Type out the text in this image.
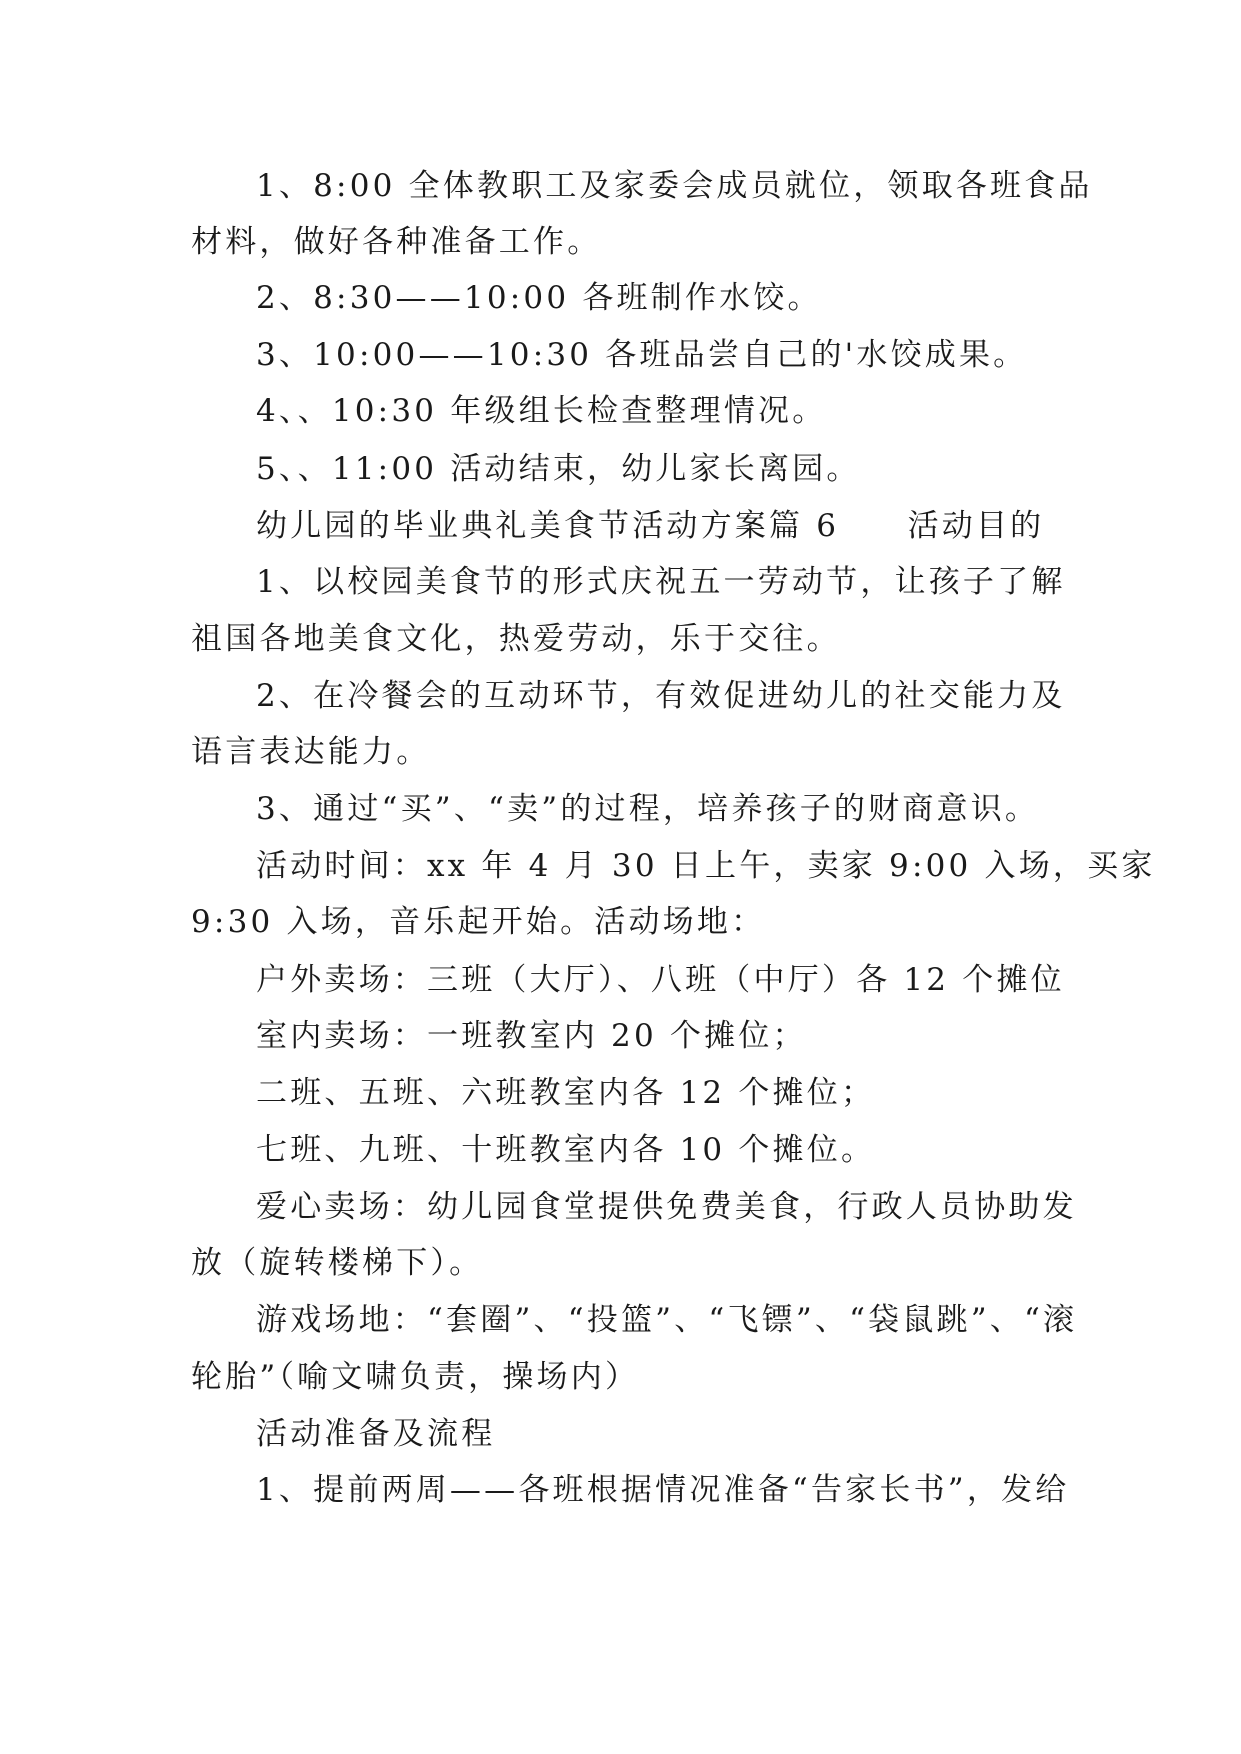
1、8:00 全体教职工及家委会成员就位，领取各班食品
材料，做好各种准备工作。
2、8:30——10:00 各班制作水饺。
3、10:00——10:30 各班品尝自己的'水饺成果。
4、、10:30 年级组长检查整理情况。
5、、11:00 活动结束，幼儿家长离园。
幼儿园的毕业典礼美食节活动方案篇 6　　活动目的
1、以校园美食节的形式庆祝五一劳动节，让孩子了解
祖国各地美食文化，热爱劳动，乐于交往。
2、在冷餐会的互动环节，有效促进幼儿的社交能力及
语言表达能力。
3、通过“买”、“卖”的过程，培养孩子的财商意识。
活动时间：xx 年 4 月 30 日上午，卖家 9:00 入场，买家
9:30 入场，音乐起开始。活动场地：
户外卖场：三班（大厅）、八班（中厅）各 12 个摊位
室内卖场：一班教室内 20 个摊位；
二班、五班、六班教室内各 12 个摊位；
七班、九班、十班教室内各 10 个摊位。
爱心卖场：幼儿园食堂提供免费美食，行政人员协助发
放（旋转楼梯下）。
游戏场地：“套圈”、“投篮”、“飞镖”、“袋鼠跳”、“滚
轮胎”（喻文啸负责，操场内）
活动准备及流程
1、提前两周——各班根据情况准备“告家长书”，发给
